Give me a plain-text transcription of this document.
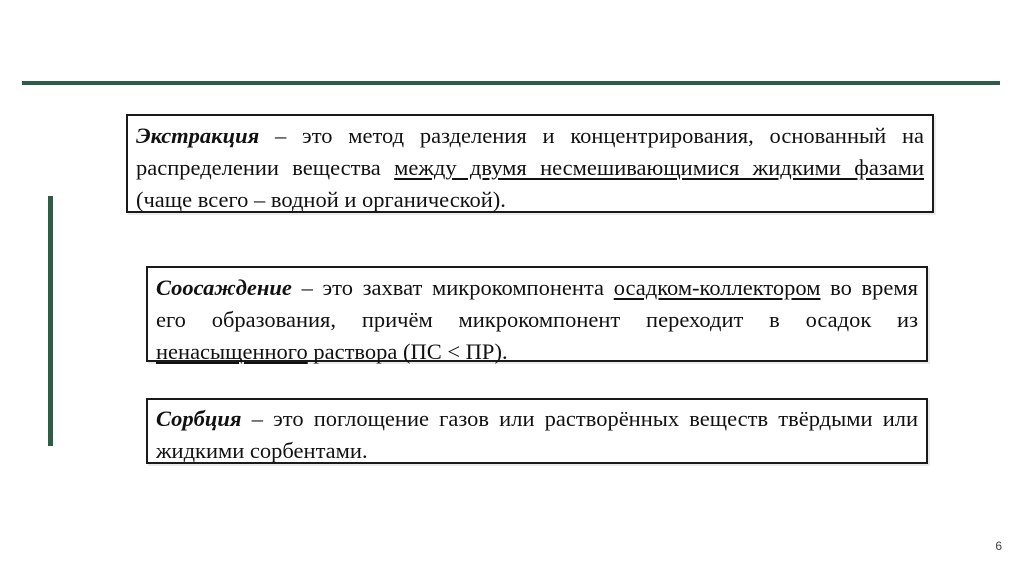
Экстракция – это метод разделения и концентрирования, основанный на распределении вещества между двумя несмешивающимися жидкими фазами (чаще всего – водной и органической).
Соосаждение – это захват микрокомпонента осадком-коллектором во время его образования, причём микрокомпонент переходит в осадок из ненасыщенного раствора (ПС < ПР).
Сорбция – это поглощение газов или растворённых веществ твёрдыми или жидкими сорбентами.
6
